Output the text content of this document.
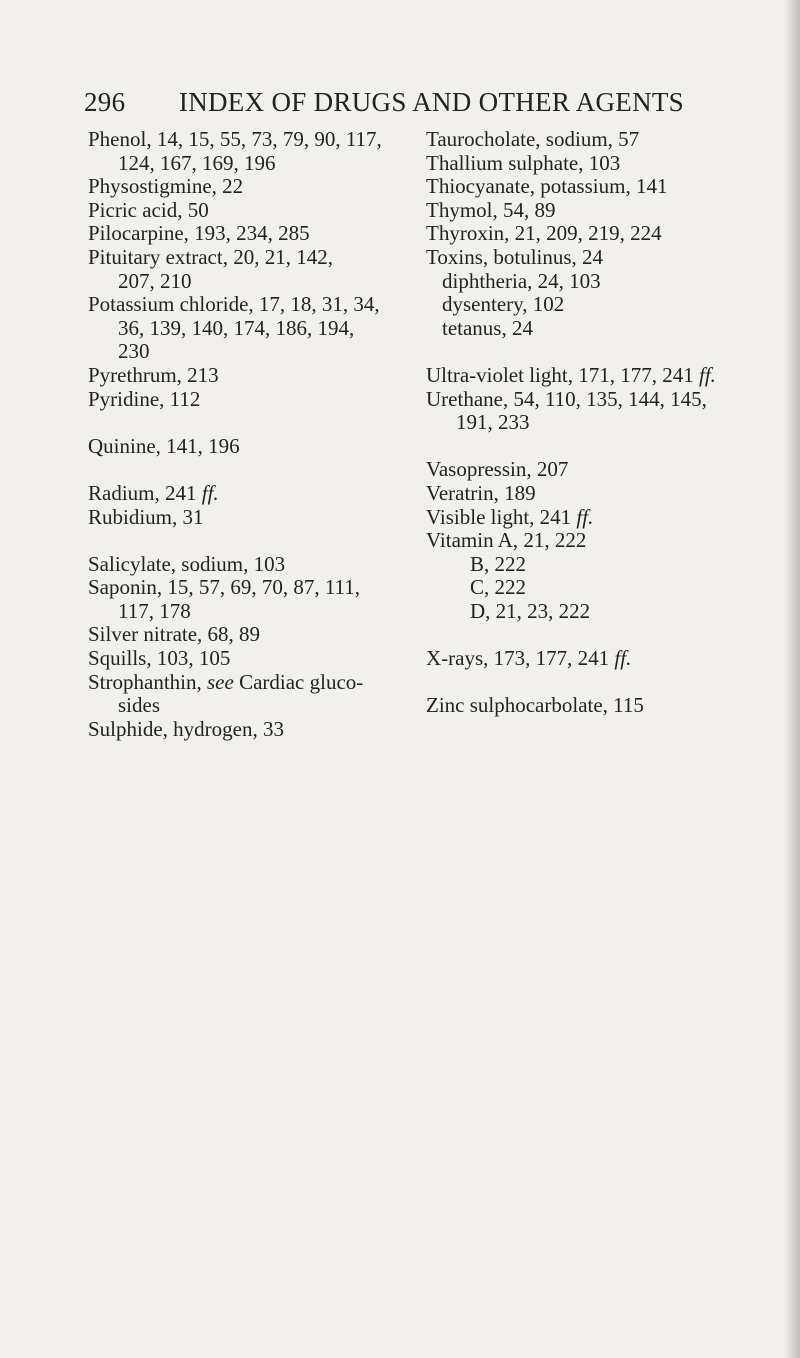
296 INDEX OF DRUGS AND OTHER AGENTS
Phenol, 14, 15, 55, 73, 79, 90, 117,
124, 167, 169, 196
Physostigmine, 22
Picric acid, 50
Pilocarpine, 193, 234, 285
Pituitary extract, 20, 21, 142,
207, 210
Potassium chloride, 17, 18, 31, 34,
36, 139, 140, 174, 186, 194,
230
Pyrethrum, 213
Pyridine, 112
Quinine, 141, 196
Radium, 241 ff.
Rubidium, 31
Salicylate, sodium, 103
Saponin, 15, 57, 69, 70, 87, 111,
117, 178
Silver nitrate, 68, 89
Squills, 103, 105
Strophanthin, see Cardiac gluco-
sides
Sulphide, hydrogen, 33
Taurocholate, sodium, 57
Thallium sulphate, 103
Thiocyanate, potassium, 141
Thymol, 54, 89
Thyroxin, 21, 209, 219, 224
Toxins, botulinus, 24
diphtheria, 24, 103
dysentery, 102
tetanus, 24
Ultra-violet light, 171, 177, 241 ff.
Urethane, 54, 110, 135, 144, 145,
191, 233
Vasopressin, 207
Veratrin, 189
Visible light, 241 ff.
Vitamin A, 21, 222
B, 222
C, 222
D, 21, 23, 222
X-rays, 173, 177, 241 ff.
Zinc sulphocarbolate, 115
